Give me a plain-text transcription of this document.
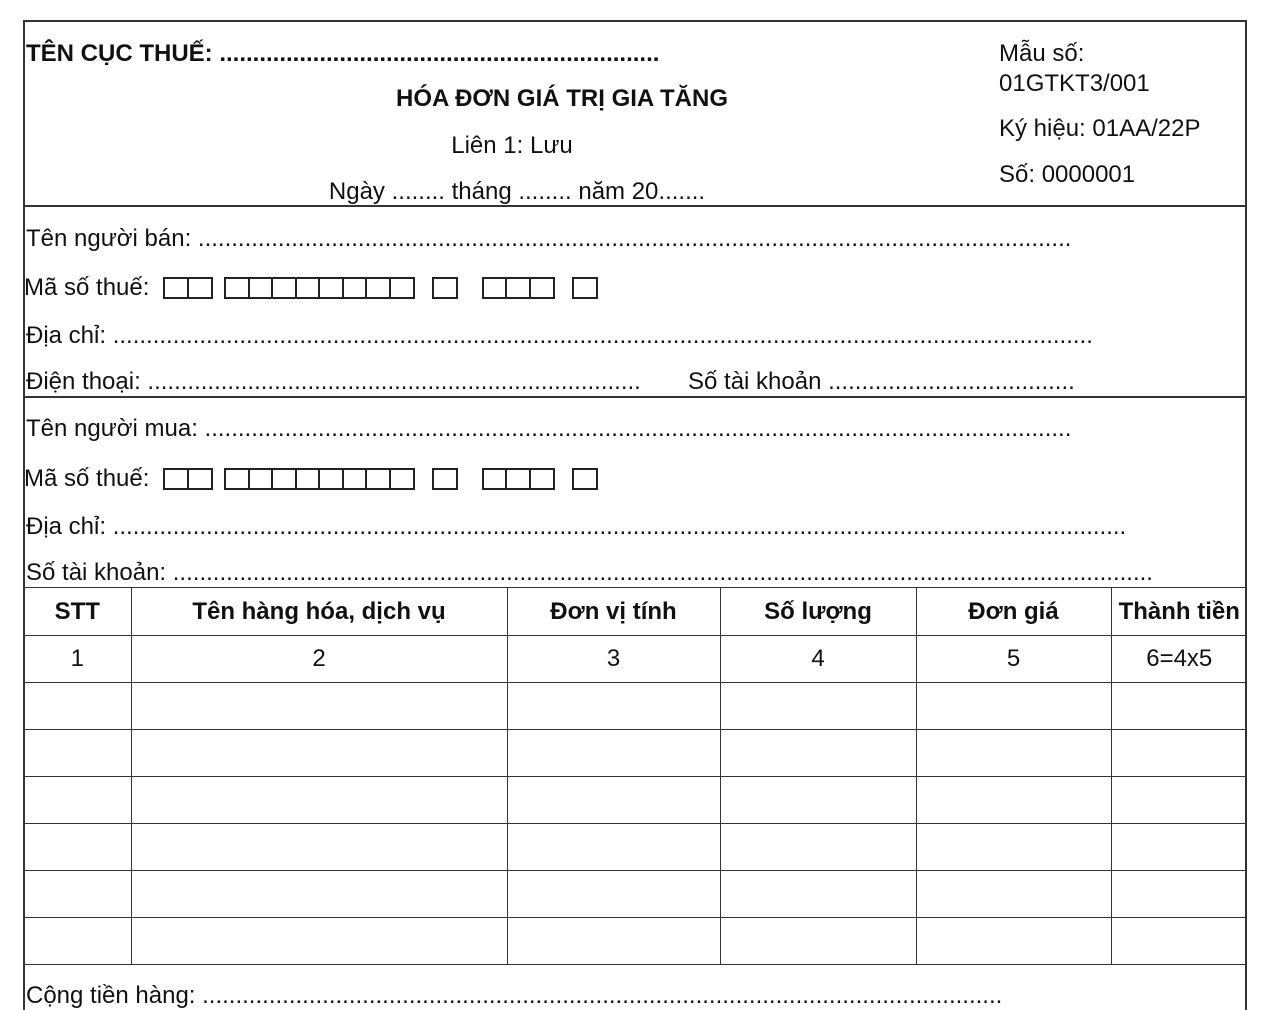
TÊN CỤC THUẾ: ..................................................................
HÓA ĐƠN GIÁ TRỊ GIA TĂNG
Liên 1: Lưu
Ngày ........ tháng ........ năm 20.......
Mẫu số:
01GTKT3/001
Ký hiệu: 01AA/22P
Số: 0000001
Tên người bán: ...................................................................................................................................
Mã số thuế:
Địa chỉ: ...................................................................................................................................................
Điện thoại: .......................................................................... Số tài khoản .....................................
Tên người mua: ..................................................................................................................................
Mã số thuế:
Địa chỉ: ........................................................................................................................................................
Số tài khoản: ...................................................................................................................................................
STT	Tên hàng hóa, dịch vụ	Đơn vị tính	Số lượng	Đơn giá	Thành tiền
1	2	3	4	5	6=4x5

Cộng tiền hàng: ........................................................................................................................
